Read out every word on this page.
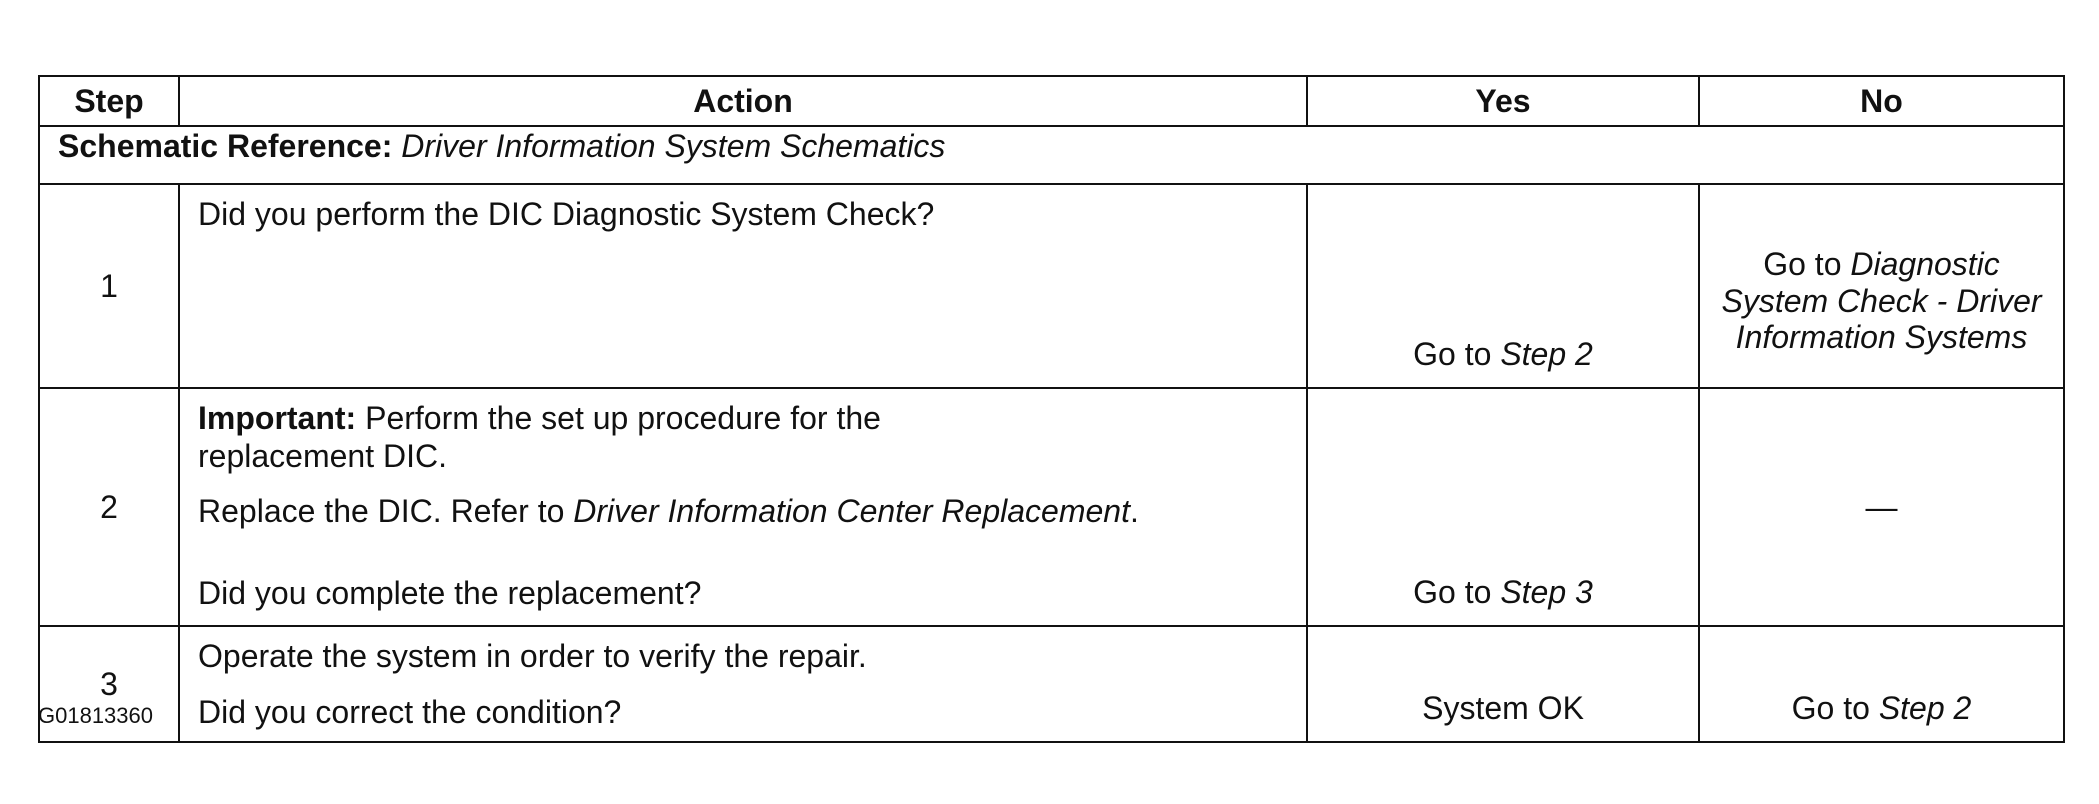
Step	Action	Yes	No
Schematic Reference: Driver Information System Schematics			
1	Did you perform the DIC Diagnostic System Check?	Go to Step 2	Go to Diagnostic
System Check - Driver
Information Systems

2	Important: Perform the set up procedure for the
replacement DIC.

Replace the DIC. Refer to Driver Information Center Replacement.

Did you complete the replacement?	Go to Step 3	—
3	Operate the system in order to verify the repair.

Did you correct the condition?	System OK	Go to Step 2
G01813360
